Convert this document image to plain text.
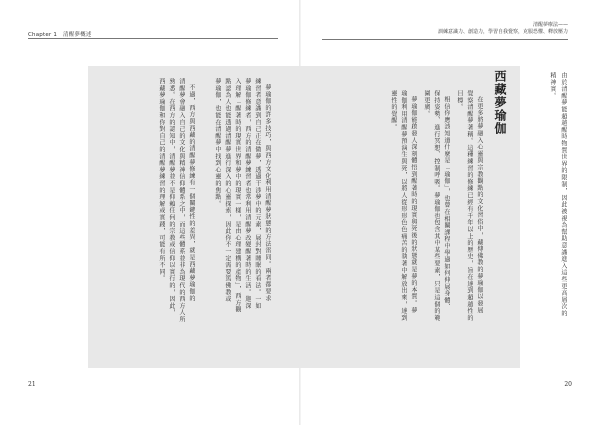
Chapter 1 清醒夢概述
清醒夢療法——
訓練意識力、創造力，學習自我覺察，克服恐懼、釋放壓力
由於清醒夢能超越醒時物質世界的限制，因此被視為幫助意識進入這些更高層次的
精神實。
西藏夢瑜伽
在更多將夢融入心靈與宗教觀點的文化習俗中，藏傳佛教的夢瑜伽以發展
覺察清醒夢著稱。這種練習的修練已經有千年以上的歷史，旨在達到超越性的
目標。
相信你應該知道什麼是「瑜伽」，也曾在相關課程中學過如何伸展身體、
保持姿勢、進行冥想、控制呼吸。夢瑜伽也包含其中某些要素，只是這個的範
圍更廣。
夢瑜伽能啟發人深刻體悟到醒著時的現實與死後的狀態就是夢的本質。夢
瑜伽利用清醒夢預演生與死，以將人從形形色色痛苦的執著中解放出來，達到
靈性的覺醒。
夢瑜伽的許多技巧，與西方文化利用清醒夢狀態的方法雷同。兩者都要求
練習者意識到自己正在做夢，透過干涉夢中的元素，展封對睡眠的看法。一如
夢瑜伽修練者，西方的清醒夢練習者也常利用清醒夢改變醒著時的生活。迦深
入理解「醒著時的現實世界和夢中的現實一樣，是由心理建構的產物」，西方觀
點認為人也能透過清醒夢進行深入的心靈探索，因此你不一定需要篤佛教或
夢瑜伽，也能在清醒夢中找到心靈的焦點。
不過，西方與西藏的清醒夢修練有一個關鍵性的差異，就是西藏夢瑜伽的
清醒夢會融入自己的文化與精神信仰體系之中，而這些體系並非為現代的西方人所
熟悉。在西方的認知中，清醒夢並不是仰賴任何的宗教或信仰以實行的，因此，
西藏夢瑜伽和你對自己的清醒夢練習的理解或實踐，可能有所不同。
21	20
